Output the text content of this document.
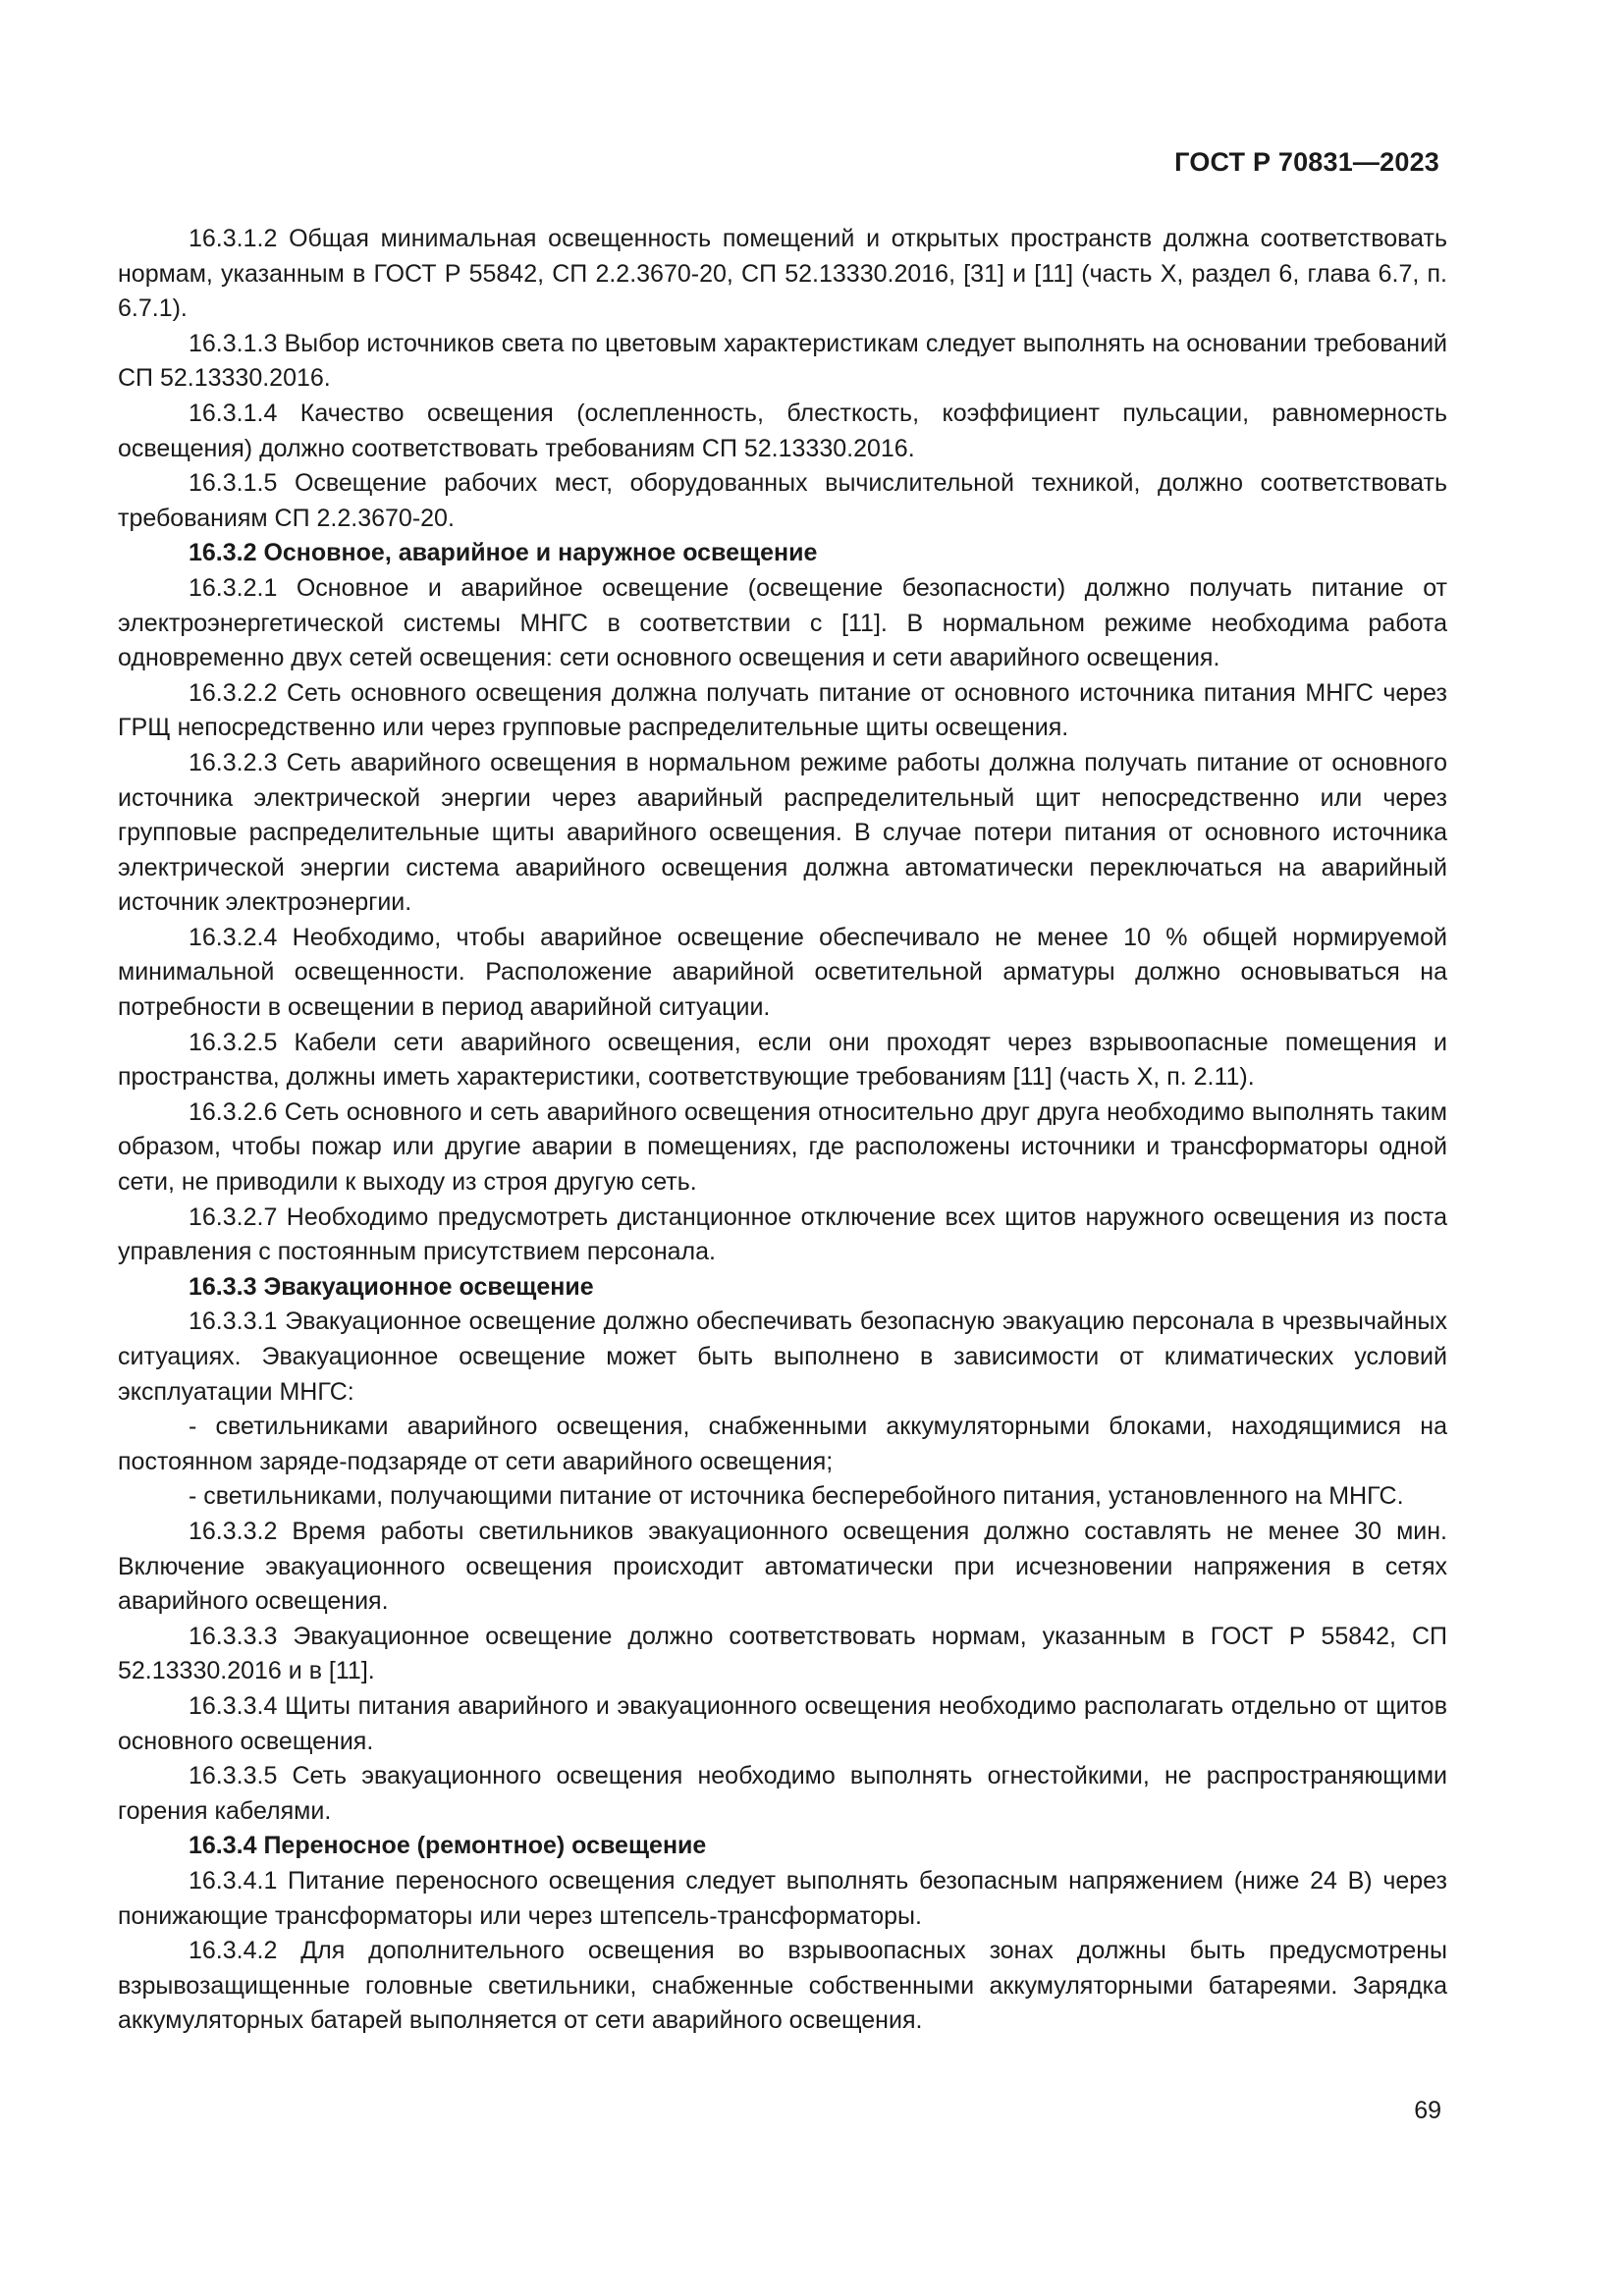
ГОСТ Р 70831—2023

16.3.1.2 Общая минимальная освещенность помещений и открытых пространств должна соответствовать нормам, указанным в ГОСТ Р 55842, СП 2.2.3670-20, СП 52.13330.2016, [31] и [11] (часть X, раздел 6, глава 6.7, п. 6.7.1).

16.3.1.3 Выбор источников света по цветовым характеристикам следует выполнять на основании требований СП 52.13330.2016.

16.3.1.4 Качество освещения (ослепленность, блесткость, коэффициент пульсации, равномерность освещения) должно соответствовать требованиям СП 52.13330.2016.

16.3.1.5 Освещение рабочих мест, оборудованных вычислительной техникой, должно соответствовать требованиям СП 2.2.3670-20.

16.3.2 Основное, аварийное и наружное освещение

16.3.2.1 Основное и аварийное освещение (освещение безопасности) должно получать питание от электроэнергетической системы МНГС в соответствии с [11]. В нормальном режиме необходима работа одновременно двух сетей освещения: сети основного освещения и сети аварийного освещения.

16.3.2.2 Сеть основного освещения должна получать питание от основного источника питания МНГС через ГРЩ непосредственно или через групповые распределительные щиты освещения.

16.3.2.3 Сеть аварийного освещения в нормальном режиме работы должна получать питание от основного источника электрической энергии через аварийный распределительный щит непосредственно или через групповые распределительные щиты аварийного освещения. В случае потери питания от основного источника электрической энергии система аварийного освещения должна автоматически переключаться на аварийный источник электроэнергии.

16.3.2.4 Необходимо, чтобы аварийное освещение обеспечивало не менее 10 % общей нормируемой минимальной освещенности. Расположение аварийной осветительной арматуры должно основываться на потребности в освещении в период аварийной ситуации.

16.3.2.5 Кабели сети аварийного освещения, если они проходят через взрывоопасные помещения и пространства, должны иметь характеристики, соответствующие требованиям [11] (часть X, п. 2.11).

16.3.2.6 Сеть основного и сеть аварийного освещения относительно друг друга необходимо выполнять таким образом, чтобы пожар или другие аварии в помещениях, где расположены источники и трансформаторы одной сети, не приводили к выходу из строя другую сеть.

16.3.2.7 Необходимо предусмотреть дистанционное отключение всех щитов наружного освещения из поста управления с постоянным присутствием персонала.

16.3.3 Эвакуационное освещение

16.3.3.1 Эвакуационное освещение должно обеспечивать безопасную эвакуацию персонала в чрезвычайных ситуациях. Эвакуационное освещение может быть выполнено в зависимости от климатических условий эксплуатации МНГС:

- светильниками аварийного освещения, снабженными аккумуляторными блоками, находящимися на постоянном заряде-подзаряде от сети аварийного освещения;

- светильниками, получающими питание от источника бесперебойного питания, установленного на МНГС.

16.3.3.2 Время работы светильников эвакуационного освещения должно составлять не менее 30 мин. Включение эвакуационного освещения происходит автоматически при исчезновении напряжения в сетях аварийного освещения.

16.3.3.3 Эвакуационное освещение должно соответствовать нормам, указанным в ГОСТ Р 55842, СП 52.13330.2016 и в [11].

16.3.3.4 Щиты питания аварийного и эвакуационного освещения необходимо располагать отдельно от щитов основного освещения.

16.3.3.5 Сеть эвакуационного освещения необходимо выполнять огнестойкими, не распространяющими горения кабелями.

16.3.4 Переносное (ремонтное) освещение

16.3.4.1 Питание переносного освещения следует выполнять безопасным напряжением (ниже 24 В) через понижающие трансформаторы или через штепсель-трансформаторы.

16.3.4.2 Для дополнительного освещения во взрывоопасных зонах должны быть предусмотрены взрывозащищенные головные светильники, снабженные собственными аккумуляторными батареями. Зарядка аккумуляторных батарей выполняется от сети аварийного освещения.

69
